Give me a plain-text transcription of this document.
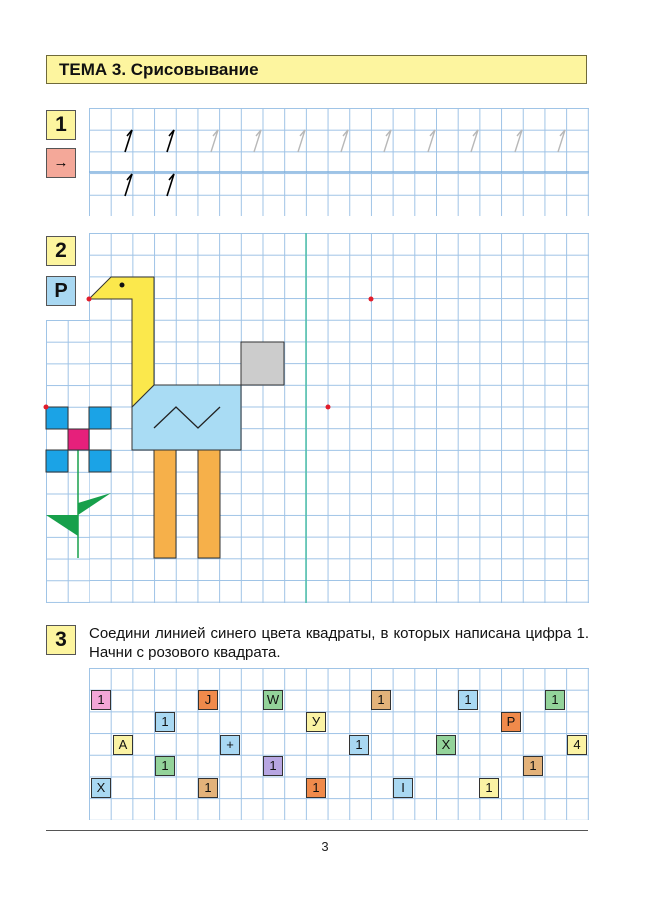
ТЕМА 3. Срисовывание
1
→
2
P
3	Соедини линией синего цвета квадраты, в которых написана цифра 1. Начни с розового квадрата.
1
1
A
X
1
J
+
1
W
1
У
1
1
1
I
X
1
1
P
1
1
4
3
